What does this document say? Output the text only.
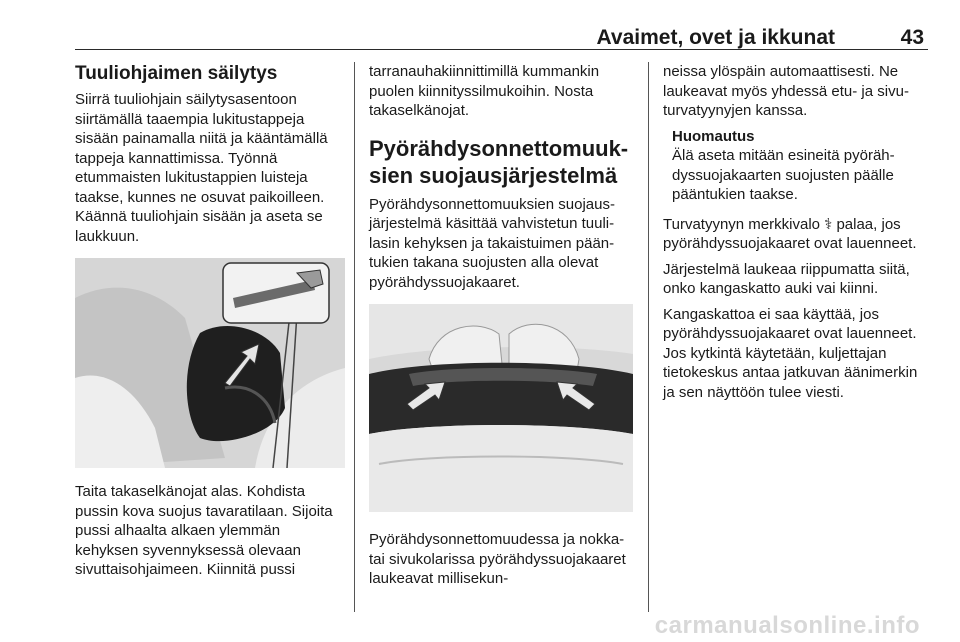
Avaimet, ovet ja ikkunat	43
Tuuliohjaimen säilytys

Siirrä tuuliohjain säilytysasentoon siirtämällä taaempia lukitustappeja sisään painamalla niitä ja kääntämällä tappeja kannattimissa. Työnnä etummaisten lukitustappien luisteja taakse, kunnes ne osuvat paikoilleen. Käännä tuuliohjain sisään ja aseta se laukkuun.

Taita takaselkänojat alas. Kohdista pussin kova suojus tavaratilaan. Sijoita pussi alhaalta alkaen ylemmän kehyksen syvennyksessä olevaan sivuttaisohjaimeen. Kiinnitä pussi

tarranauhakiinnittimillä kummankin puolen kiinnityssilmukoihin. Nosta takaselkänojat.

Pyörähdysonnettomuuk-
sien suojausjärjestelmä

Pyörähdysonnettomuuksien suojausjärjestelmä käsittää vahvistetun tuulilasin kehyksen ja takaistuimen pääntukien takana suojusten alla olevat pyörähdyssuojakaaret.

Pyörähdysonnettomuudessa ja nokka- tai sivukolarissa pyörähdyssuojakaaret laukeavat millisekun-

neissa ylöspäin automaattisesti. Ne laukeavat myös yhdessä etu- ja sivuturvatyynyjen kanssa.

Huomautus

Älä aseta mitään esineitä pyörähdyssuojakaarten suojusten päälle pääntukien taakse.

Turvatyynyn merkkivalo ⚕ palaa, jos pyörähdyssuojakaaret ovat lauenneet.

Järjestelmä laukeaa riippumatta siitä, onko kangaskatto auki vai kiinni.

Kangaskattoa ei saa käyttää, jos pyörähdyssuojakaaret ovat lauenneet. Jos kytkintä käytetään, kuljettajan tietokeskus antaa jatkuvan äänimerkin ja sen näyttöön tulee viesti.

carmanualsonline.info
